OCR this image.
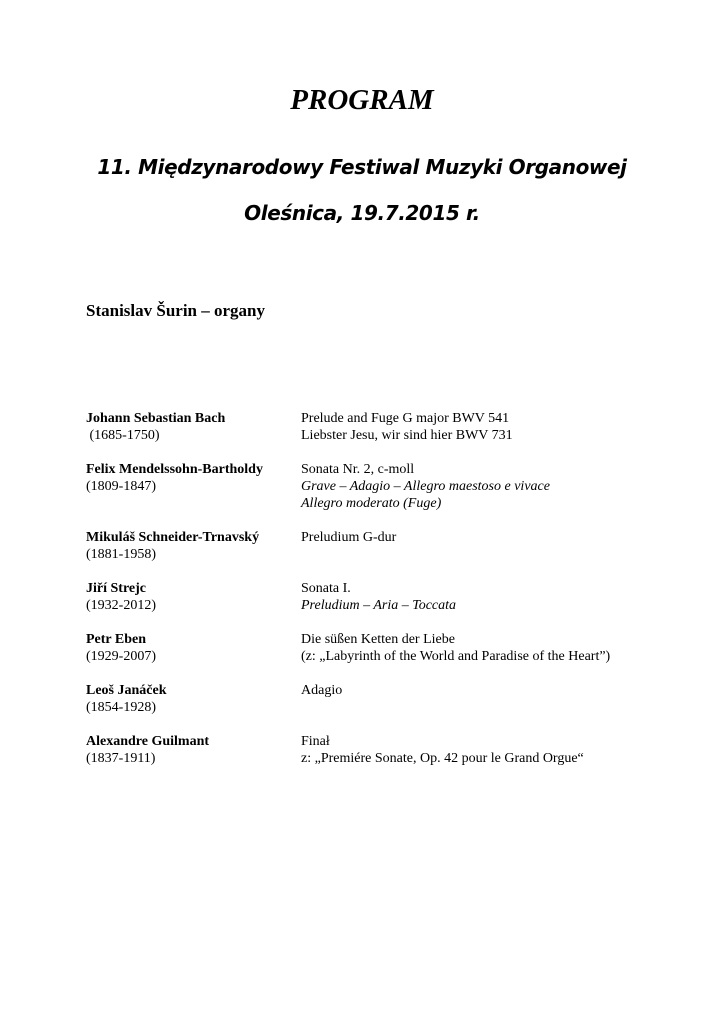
PROGRAM
11. Międzynarodowy Festiwal Muzyki Organowej
Oleśnica, 19.7.2015 r.
Stanislav Šurin – organy
Johann Sebastian Bach
(1685-1750)
Prelude and Fuge G major BWV 541
Liebster Jesu, wir sind hier BWV 731
Felix Mendelssohn-Bartholdy
(1809-1847)
Sonata Nr. 2, c-moll
Grave – Adagio – Allegro maestoso e vivace
Allegro moderato (Fuge)
Mikuláš Schneider-Trnavský
(1881-1958)
Preludium G-dur
Jiří Strejc
(1932-2012)
Sonata I.
Preludium – Aria – Toccata
Petr Eben
(1929-2007)
Die süßen Ketten der Liebe
(z: „Labyrinth of the World and Paradise of the Heart”)
Leoš Janáček
(1854-1928)
Adagio
Alexandre Guilmant
(1837-1911)
Finał
z: „Premiére Sonate, Op. 42 pour le Grand Orgue“
